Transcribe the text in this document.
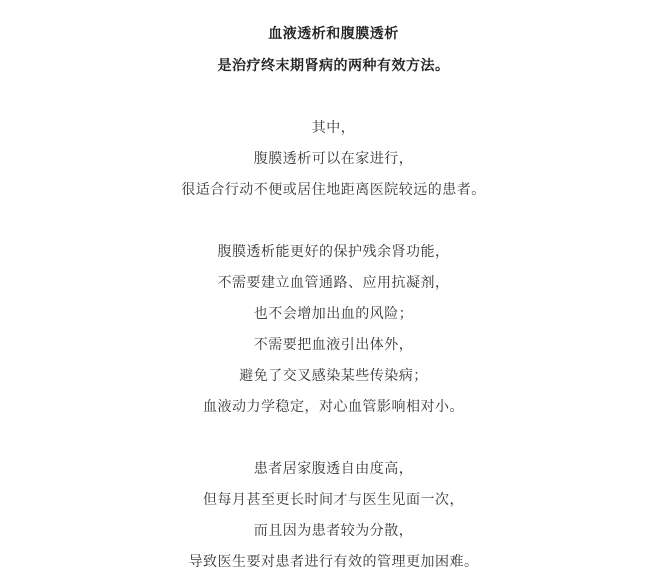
血液透析和腹膜透析
是治疗终末期肾病的两种有效方法。
其中，
腹膜透析可以在家进行，
很适合行动不便或居住地距离医院较远的患者。
腹膜透析能更好的保护残余肾功能，
不需要建立血管通路、应用抗凝剂，
也不会增加出血的风险；
不需要把血液引出体外，
避免了交叉感染某些传染病；
血液动力学稳定，对心血管影响相对小。
患者居家腹透自由度高，
但每月甚至更长时间才与医生见面一次，
而且因为患者较为分散，
导致医生要对患者进行有效的管理更加困难。
